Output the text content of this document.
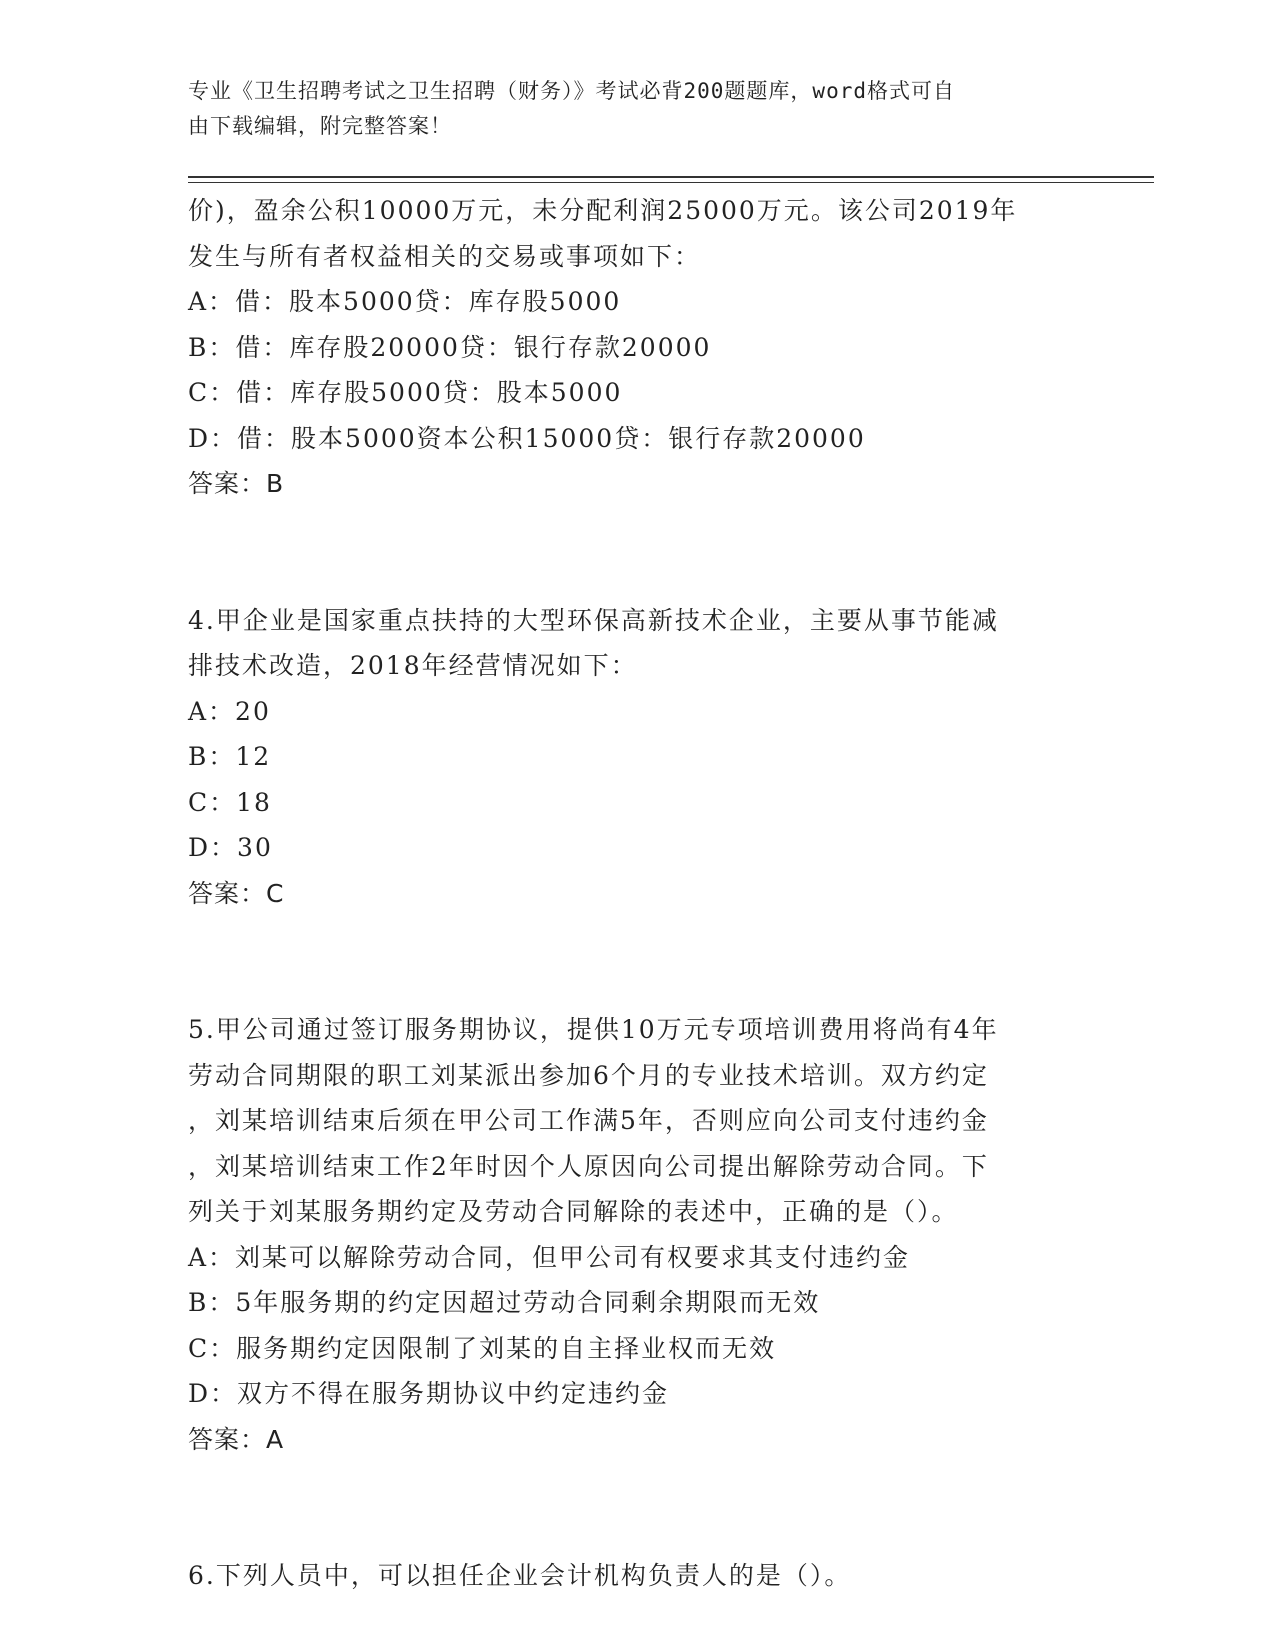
专业《卫生招聘考试之卫生招聘（财务）》考试必背200题题库，word格式可自
由下载编辑，附完整答案！
价)，盈余公积10000万元，未分配利润25000万元。该公司2019年
发生与所有者权益相关的交易或事项如下：
A：借：股本5000贷：库存股5000
B：借：库存股20000贷：银行存款20000
C：借：库存股5000贷：股本5000
D：借：股本5000资本公积15000贷：银行存款20000
答案：B
4.甲企业是国家重点扶持的大型环保高新技术企业，主要从事节能减
排技术改造，2018年经营情况如下：
A：20
B：12
C：18
D：30
答案：C
5.甲公司通过签订服务期协议，提供10万元专项培训费用将尚有4年
劳动合同期限的职工刘某派出参加6个月的专业技术培训。双方约定
，刘某培训结束后须在甲公司工作满5年，否则应向公司支付违约金
，刘某培训结束工作2年时因个人原因向公司提出解除劳动合同。下
列关于刘某服务期约定及劳动合同解除的表述中，正确的是（）。
A：刘某可以解除劳动合同，但甲公司有权要求其支付违约金
B：5年服务期的约定因超过劳动合同剩余期限而无效
C：服务期约定因限制了刘某的自主择业权而无效
D：双方不得在服务期协议中约定违约金
答案：A
6.下列人员中，可以担任企业会计机构负责人的是（）。
